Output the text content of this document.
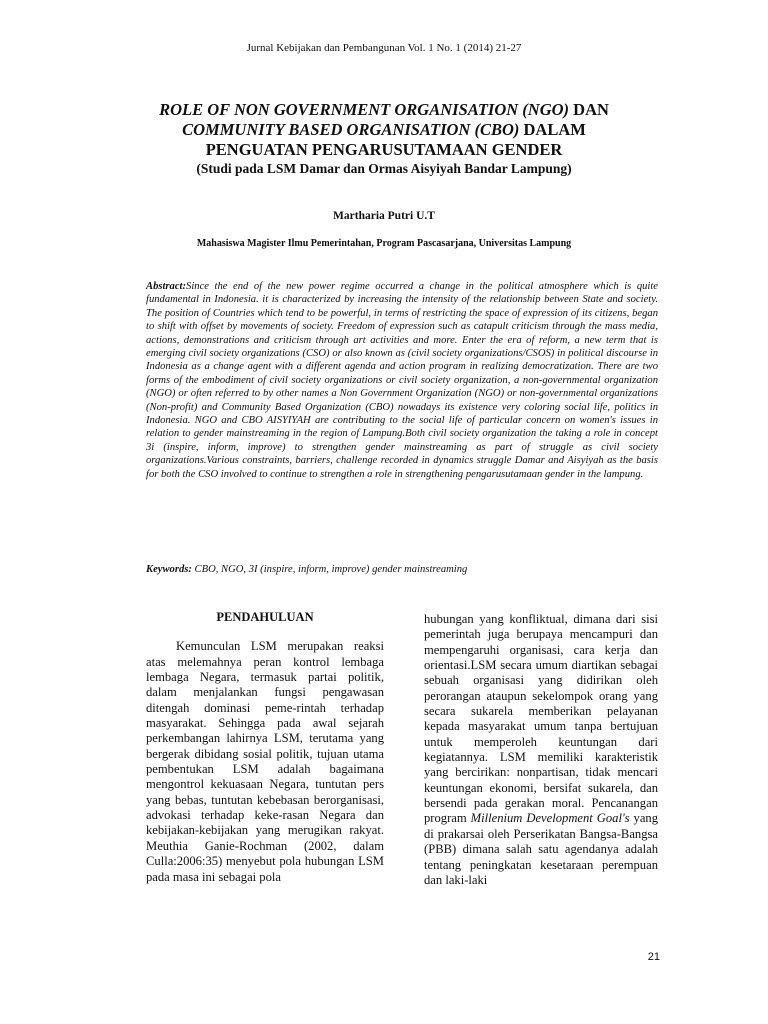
Jurnal Kebijakan dan Pembangunan Vol. 1 No. 1 (2014) 21-27
ROLE OF NON GOVERNMENT ORGANISATION (NGO) DAN
COMMUNITY BASED ORGANISATION (CBO) DALAM
PENGUATAN PENGARUSUTAMAAN GENDER
(Studi pada LSM Damar dan Ormas Aisyiyah Bandar Lampung)
Martharia Putri U.T
Mahasiswa Magister Ilmu Pemerintahan, Program Pascasarjana, Universitas Lampung
Abstract:Since the end of the new power regime occurred a change in the political atmosphere which is quite fundamental in Indonesia. it is characterized by increasing the intensity of the relationship between State and society. The position of Countries which tend to be powerful, in terms of restricting the space of expression of its citizens, began to shift with offset by movements of society. Freedom of expression such as catapult criticism through the mass media, actions, demonstrations and criticism through art activities and more. Enter the era of reform, a new term that is emerging civil society organizations (CSO) or also known as (civil society organizations/CSOS) in political discourse in Indonesia as a change agent with a different agenda and action program in realizing democratization. There are two forms of the embodiment of civil society organizations or civil society organization, a non-governmental organization (NGO) or often referred to by other names a Non Government Organization (NGO) or non-governmental organizations (Non-profit) and Community Based Organization (CBO) nowadays its existence very coloring social life, politics in Indonesia. NGO and CBO AISYIYAH are contributing to the social life of particular concern on women's issues in relation to gender mainstreaming in the region of Lampung.Both civil society organization the taking a role in concept 3i (inspire, inform, improve) to strengthen gender mainstreaming as part of struggle as civil society organizations.Various constraints, barriers, challenge recorded in dynamics struggle Damar and Aisyiyah as the basis for both the CSO involved to continue to strengthen a role in strengthening pengarusutamaan gender in the lampung.
Keywords: CBO, NGO, 3I (inspire, inform, improve) gender mainstreaming
PENDAHULUAN

Kemunculan LSM merupakan reaksi atas melemahnya peran kontrol lembaga lembaga Negara, termasuk partai politik, dalam menjalankan fungsi pengawasan ditengah dominasi peme-rintah terhadap masyarakat. Sehingga pada awal sejarah perkembangan lahirnya LSM, terutama yang bergerak dibidang sosial politik, tujuan utama pembentukan LSM adalah bagaimana mengontrol kekuasaan Negara, tuntutan pers yang bebas, tuntutan kebebasan berorganisasi, advokasi terhadap keke-rasan Negara dan kebijakan-kebijakan yang merugikan rakyat. Meuthia Ganie-Rochman (2002, dalam Culla:2006:35) menyebut pola hubungan LSM pada masa ini sebagai pola

hubungan yang konfliktual, dimana dari sisi pemerintah juga berupaya mencampuri dan mempengaruhi organisasi, cara kerja dan orientasi.LSM secara umum diartikan sebagai sebuah organisasi yang didirikan oleh perorangan ataupun sekelompok orang yang secara sukarela memberikan pelayanan kepada masyarakat umum tanpa bertujuan untuk memperoleh keuntungan dari kegiatannya. LSM memiliki karakteristik yang bercirikan: nonpartisan, tidak mencari keuntungan ekonomi, bersifat sukarela, dan bersendi pada gerakan moral. Pencanangan program Millenium Development Goal's yang di prakarsai oleh Perserikatan Bangsa-Bangsa (PBB) dimana salah satu agendanya adalah tentang peningkatan kesetaraan perempuan dan laki-laki

21
